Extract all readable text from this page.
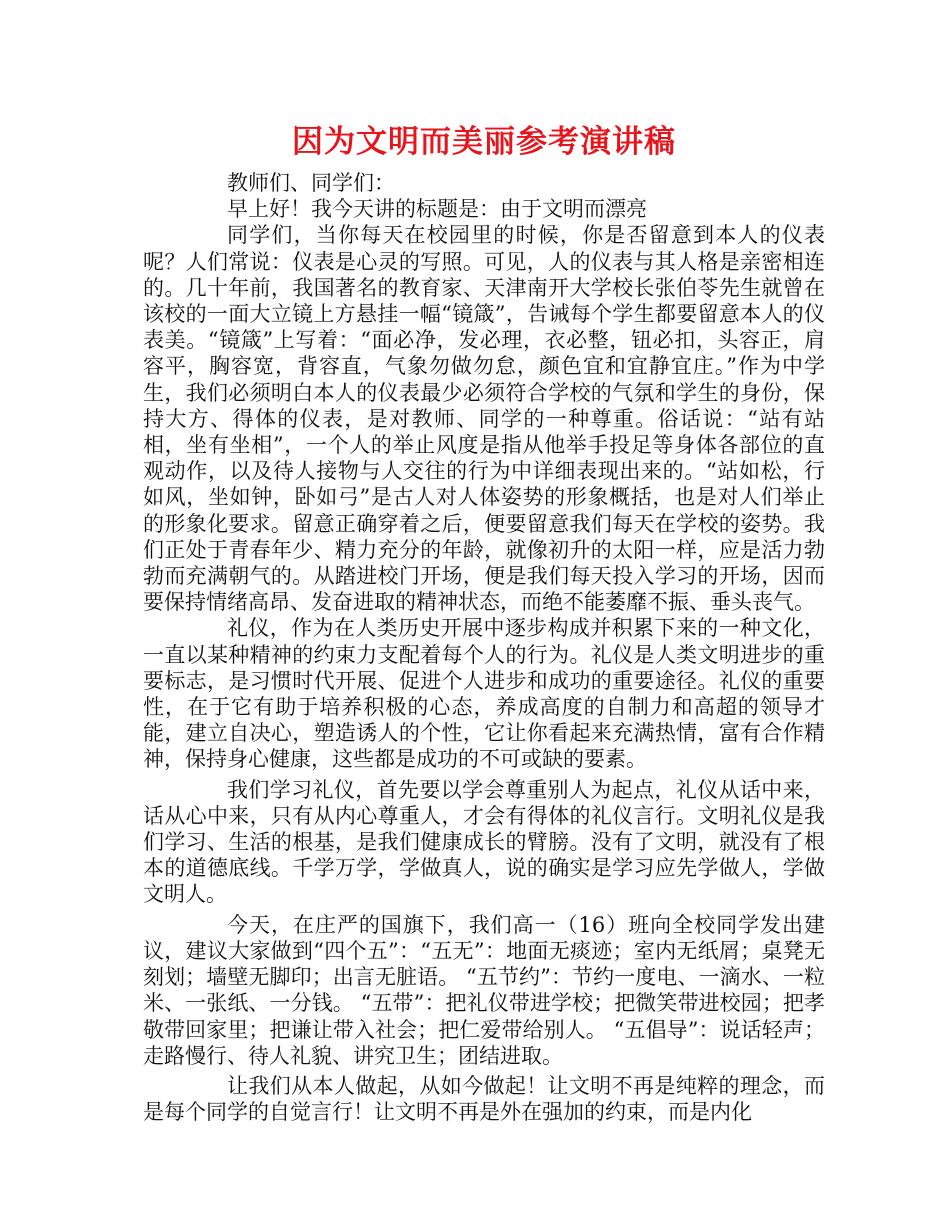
因为文明而美丽参考演讲稿

教师们、同学们：

早上好！我今天讲的标题是：由于文明而漂亮

同学们，当你每天在校园里的时候，你是否留意到本人的仪表呢？人们常说：仪表是心灵的写照。可见，人的仪表与其人格是亲密相连的。几十年前，我国著名的教育家、天津南开大学校长张伯苓先生就曾在该校的一面大立镜上方悬挂一幅“镜箴”，告诫每个学生都要留意本人的仪表美。“镜箴”上写着：“面必净，发必理，衣必整，钮必扣，头容正，肩容平，胸容宽，背容直，气象勿做勿怠，颜色宜和宜静宜庄。”作为中学生，我们必须明白本人的仪表最少必须符合学校的气氛和学生的身份，保持大方、得体的仪表，是对教师、同学的一种尊重。俗话说：“站有站相，坐有坐相”，一个人的举止风度是指从他举手投足等身体各部位的直观动作，以及待人接物与人交往的行为中详细表现出来的。“站如松，行如风，坐如钟，卧如弓”是古人对人体姿势的形象概括，也是对人们举止的形象化要求。留意正确穿着之后，便要留意我们每天在学校的姿势。我们正处于青春年少、精力充分的年龄，就像初升的太阳一样，应是活力勃勃而充满朝气的。从踏进校门开场，便是我们每天投入学习的开场，因而要保持情绪高昂、发奋进取的精神状态，而绝不能萎靡不振、垂头丧气。

礼仪，作为在人类历史开展中逐步构成并积累下来的一种文化，一直以某种精神的约束力支配着每个人的行为。礼仪是人类文明进步的重要标志，是习惯时代开展、促进个人进步和成功的重要途径。礼仪的重要性，在于它有助于培养积极的心态，养成高度的自制力和高超的领导才能，建立自决心，塑造诱人的个性，它让你看起来充满热情，富有合作精神，保持身心健康，这些都是成功的不可或缺的要素。

我们学习礼仪，首先要以学会尊重别人为起点，礼仪从话中来，话从心中来，只有从内心尊重人，才会有得体的礼仪言行。文明礼仪是我们学习、生活的根基，是我们健康成长的臂膀。没有了文明，就没有了根本的道德底线。千学万学，学做真人，说的确实是学习应先学做人，学做文明人。

今天，在庄严的国旗下，我们高一（16）班向全校同学发出建议，建议大家做到“四个五”：“五无”：地面无痰迹；室内无纸屑；桌凳无刻划；墙壁无脚印；出言无脏语。 “五节约”：节约一度电、一滴水、一粒米、一张纸、一分钱。 “五带”：把礼仪带进学校；把微笑带进校园；把孝敬带回家里；把谦让带入社会；把仁爱带给别人。 “五倡导”：说话轻声；走路慢行、待人礼貌、讲究卫生；团结进取。

让我们从本人做起，从如今做起！让文明不再是纯粹的理念，而是每个同学的自觉言行！让文明不再是外在强加的约束，而是内化
